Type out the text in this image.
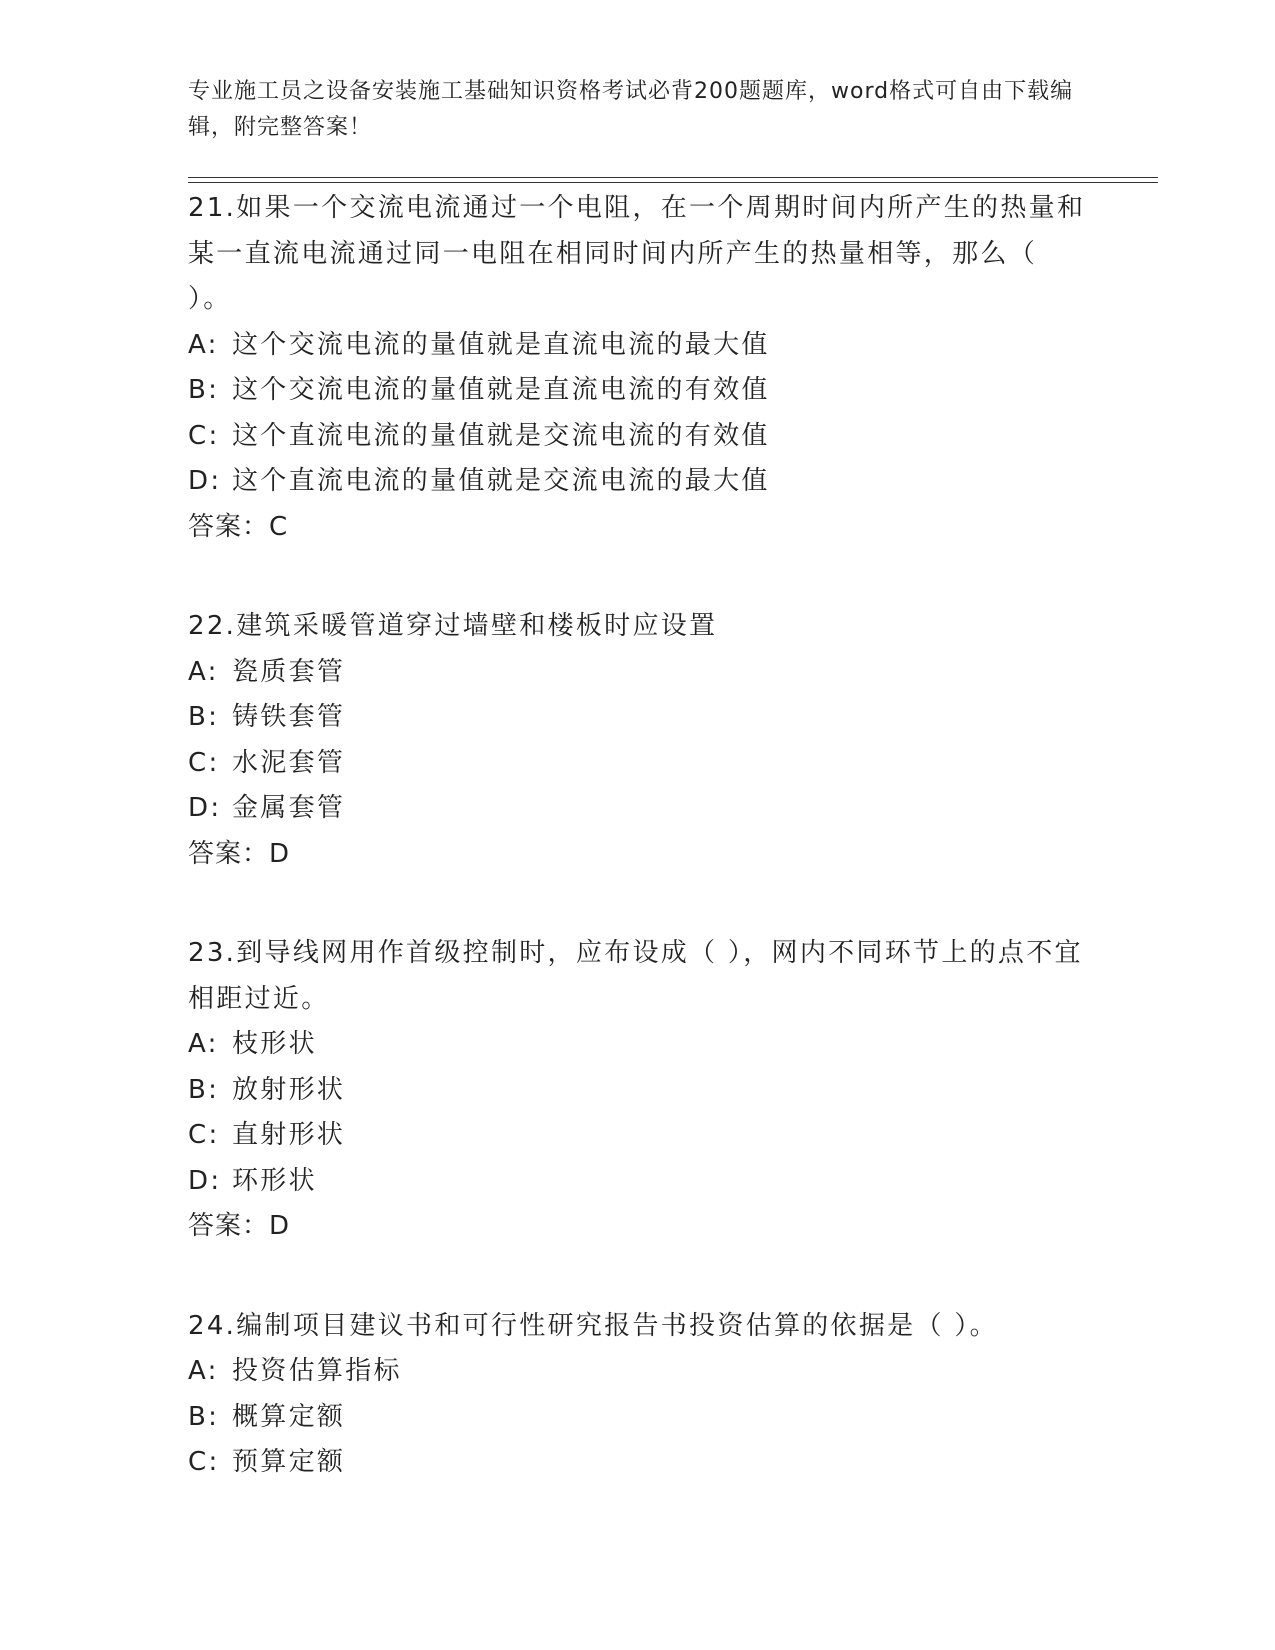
专业施工员之设备安装施工基础知识资格考试必背200题题库，word格式可自由下载编辑，附完整答案！
21.如果一个交流电流通过一个电阻，在一个周期时间内所产生的热量和某一直流电流通过同一电阻在相同时间内所产生的热量相等，那么（ ）。
A: 这个交流电流的量值就是直流电流的最大值
B: 这个交流电流的量值就是直流电流的有效值
C: 这个直流电流的量值就是交流电流的有效值
D: 这个直流电流的量值就是交流电流的最大值
答案：C
22.建筑采暖管道穿过墙壁和楼板时应设置
A: 瓷质套管
B: 铸铁套管
C: 水泥套管
D: 金属套管
答案：D
23.到导线网用作首级控制时，应布设成（ ），网内不同环节上的点不宜相距过近。
A: 枝形状
B: 放射形状
C: 直射形状
D: 环形状
答案：D
24.编制项目建议书和可行性研究报告书投资估算的依据是（ ）。
A: 投资估算指标
B: 概算定额
C: 预算定额
